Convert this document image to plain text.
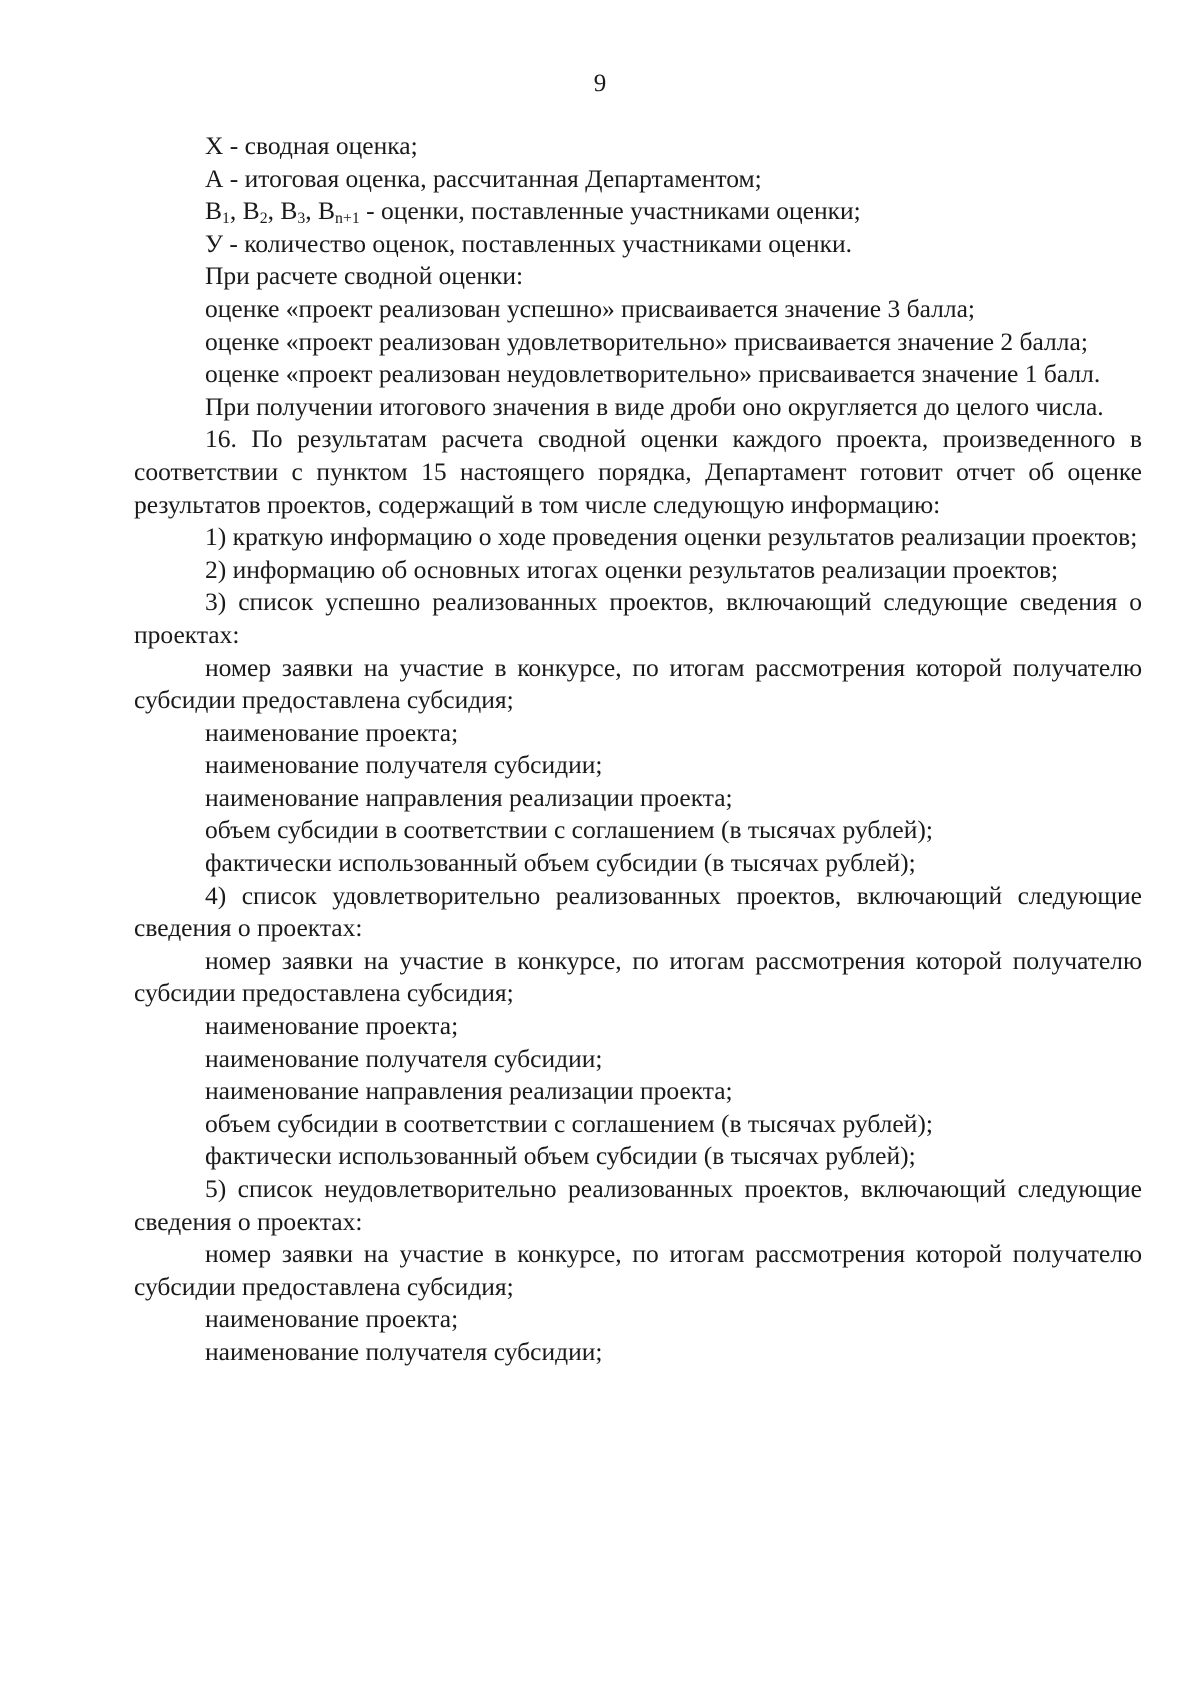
9

Х - сводная оценка;

А - итоговая оценка, рассчитанная Департаментом;

$В_1$, $В_2$, $В_3$, $В_{n+1}$ - оценки, поставленные участниками оценки;

У - количество оценок, поставленных участниками оценки.

При расчете сводной оценки:

оценке «проект реализован успешно» присваивается значение 3 балла;

оценке «проект реализован удовлетворительно» присваивается значение 2 балла;

оценке «проект реализован неудовлетворительно» присваивается значение 1 балл.

При получении итогового значения в виде дроби оно округляется до целого числа.

16. По результатам расчета сводной оценки каждого проекта, произведенного в соответствии с пунктом 15 настоящего порядка, Департамент готовит отчет об оценке результатов проектов, содержащий в том числе следующую информацию:

1) краткую информацию о ходе проведения оценки результатов реализации проектов;

2) информацию об основных итогах оценки результатов реализации проектов;

3) список успешно реализованных проектов, включающий следующие сведения о проектах:

номер заявки на участие в конкурсе, по итогам рассмотрения которой получателю субсидии предоставлена субсидия;

наименование проекта;

наименование получателя субсидии;

наименование направления реализации проекта;

объем субсидии в соответствии с соглашением (в тысячах рублей);

фактически использованный объем субсидии (в тысячах рублей);

4) список удовлетворительно реализованных проектов, включающий следующие сведения о проектах:

номер заявки на участие в конкурсе, по итогам рассмотрения которой получателю субсидии предоставлена субсидия;

наименование проекта;

наименование получателя субсидии;

наименование направления реализации проекта;

объем субсидии в соответствии с соглашением (в тысячах рублей);

фактически использованный объем субсидии (в тысячах рублей);

5) список неудовлетворительно реализованных проектов, включающий следующие сведения о проектах:

номер заявки на участие в конкурсе, по итогам рассмотрения которой получателю субсидии предоставлена субсидия;

наименование проекта;

наименование получателя субсидии;
